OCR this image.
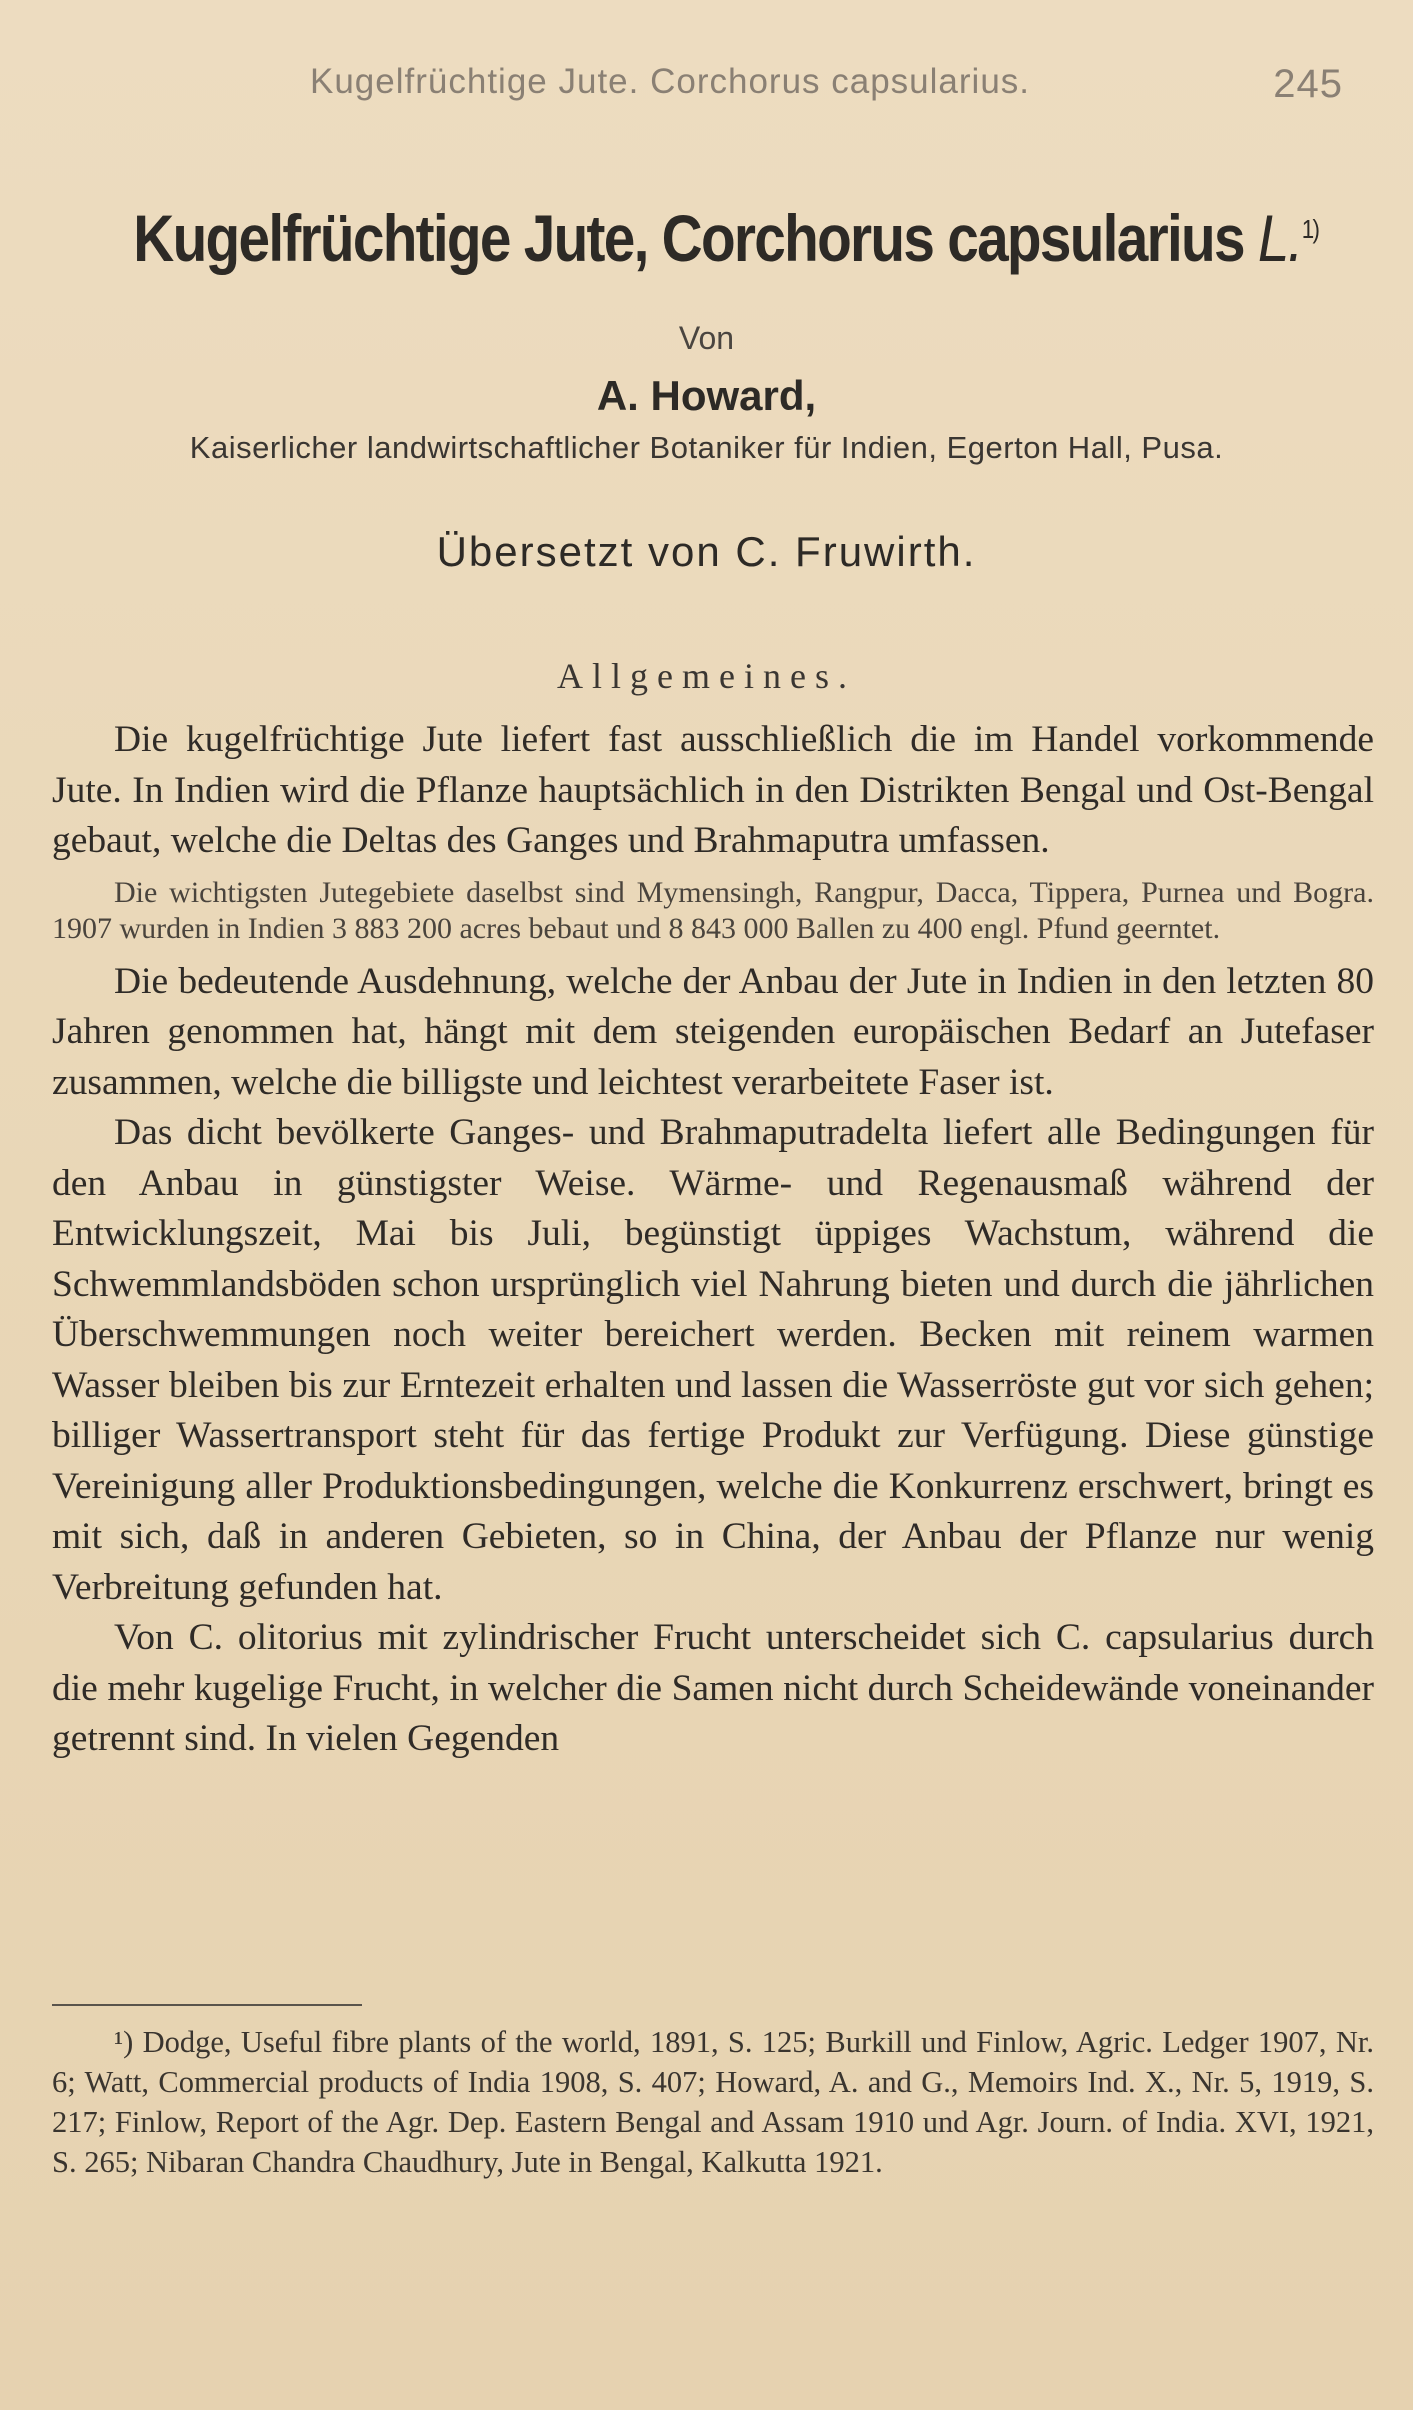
Kugelfrüchtige Jute. Corchorus capsularius.	245
Kugelfrüchtige Jute, Corchorus capsularius L.$^{1)}$
Von
A. Howard,
Kaiserlicher landwirtschaftlicher Botaniker für Indien, Egerton Hall, Pusa.
Übersetzt von C. Fruwirth.
Allgemeines.

Die kugelfrüchtige Jute liefert fast ausschließlich die im Handel vorkommende Jute. In Indien wird die Pflanze hauptsächlich in den Distrikten Bengal und Ost-Bengal gebaut, welche die Deltas des Ganges und Brahmaputra umfassen.

Die wichtigsten Jutegebiete daselbst sind Mymensingh, Rangpur, Dacca, Tippera, Purnea und Bogra. 1907 wurden in Indien 3 883 200 acres bebaut und 8 843 000 Ballen zu 400 engl. Pfund geerntet.

Die bedeutende Ausdehnung, welche der Anbau der Jute in Indien in den letzten 80 Jahren genommen hat, hängt mit dem steigenden europäischen Bedarf an Jutefaser zusammen, welche die billigste und leichtest verarbeitete Faser ist.

Das dicht bevölkerte Ganges- und Brahmaputradelta liefert alle Bedingungen für den Anbau in günstigster Weise. Wärme- und Regenausmaß während der Entwicklungszeit, Mai bis Juli, begünstigt üppiges Wachstum, während die Schwemmlandsböden schon ursprünglich viel Nahrung bieten und durch die jährlichen Überschwemmungen noch weiter bereichert werden. Becken mit reinem warmen Wasser bleiben bis zur Erntezeit erhalten und lassen die Wasserröste gut vor sich gehen; billiger Wassertransport steht für das fertige Produkt zur Verfügung. Diese günstige Vereinigung aller Produktionsbedingungen, welche die Konkurrenz erschwert, bringt es mit sich, daß in anderen Gebieten, so in China, der Anbau der Pflanze nur wenig Verbreitung gefunden hat.

Von C. olitorius mit zylindrischer Frucht unterscheidet sich C. capsularius durch die mehr kugelige Frucht, in welcher die Samen nicht durch Scheidewände voneinander getrennt sind. In vielen Gegenden

¹) Dodge, Useful fibre plants of the world, 1891, S. 125; Burkill und Finlow, Agric. Ledger 1907, Nr. 6; Watt, Commercial products of India 1908, S. 407; Howard, A. and G., Memoirs Ind. X., Nr. 5, 1919, S. 217; Finlow, Report of the Agr. Dep. Eastern Bengal and Assam 1910 und Agr. Journ. of India. XVI, 1921, S. 265; Nibaran Chandra Chaudhury, Jute in Bengal, Kalkutta 1921.
